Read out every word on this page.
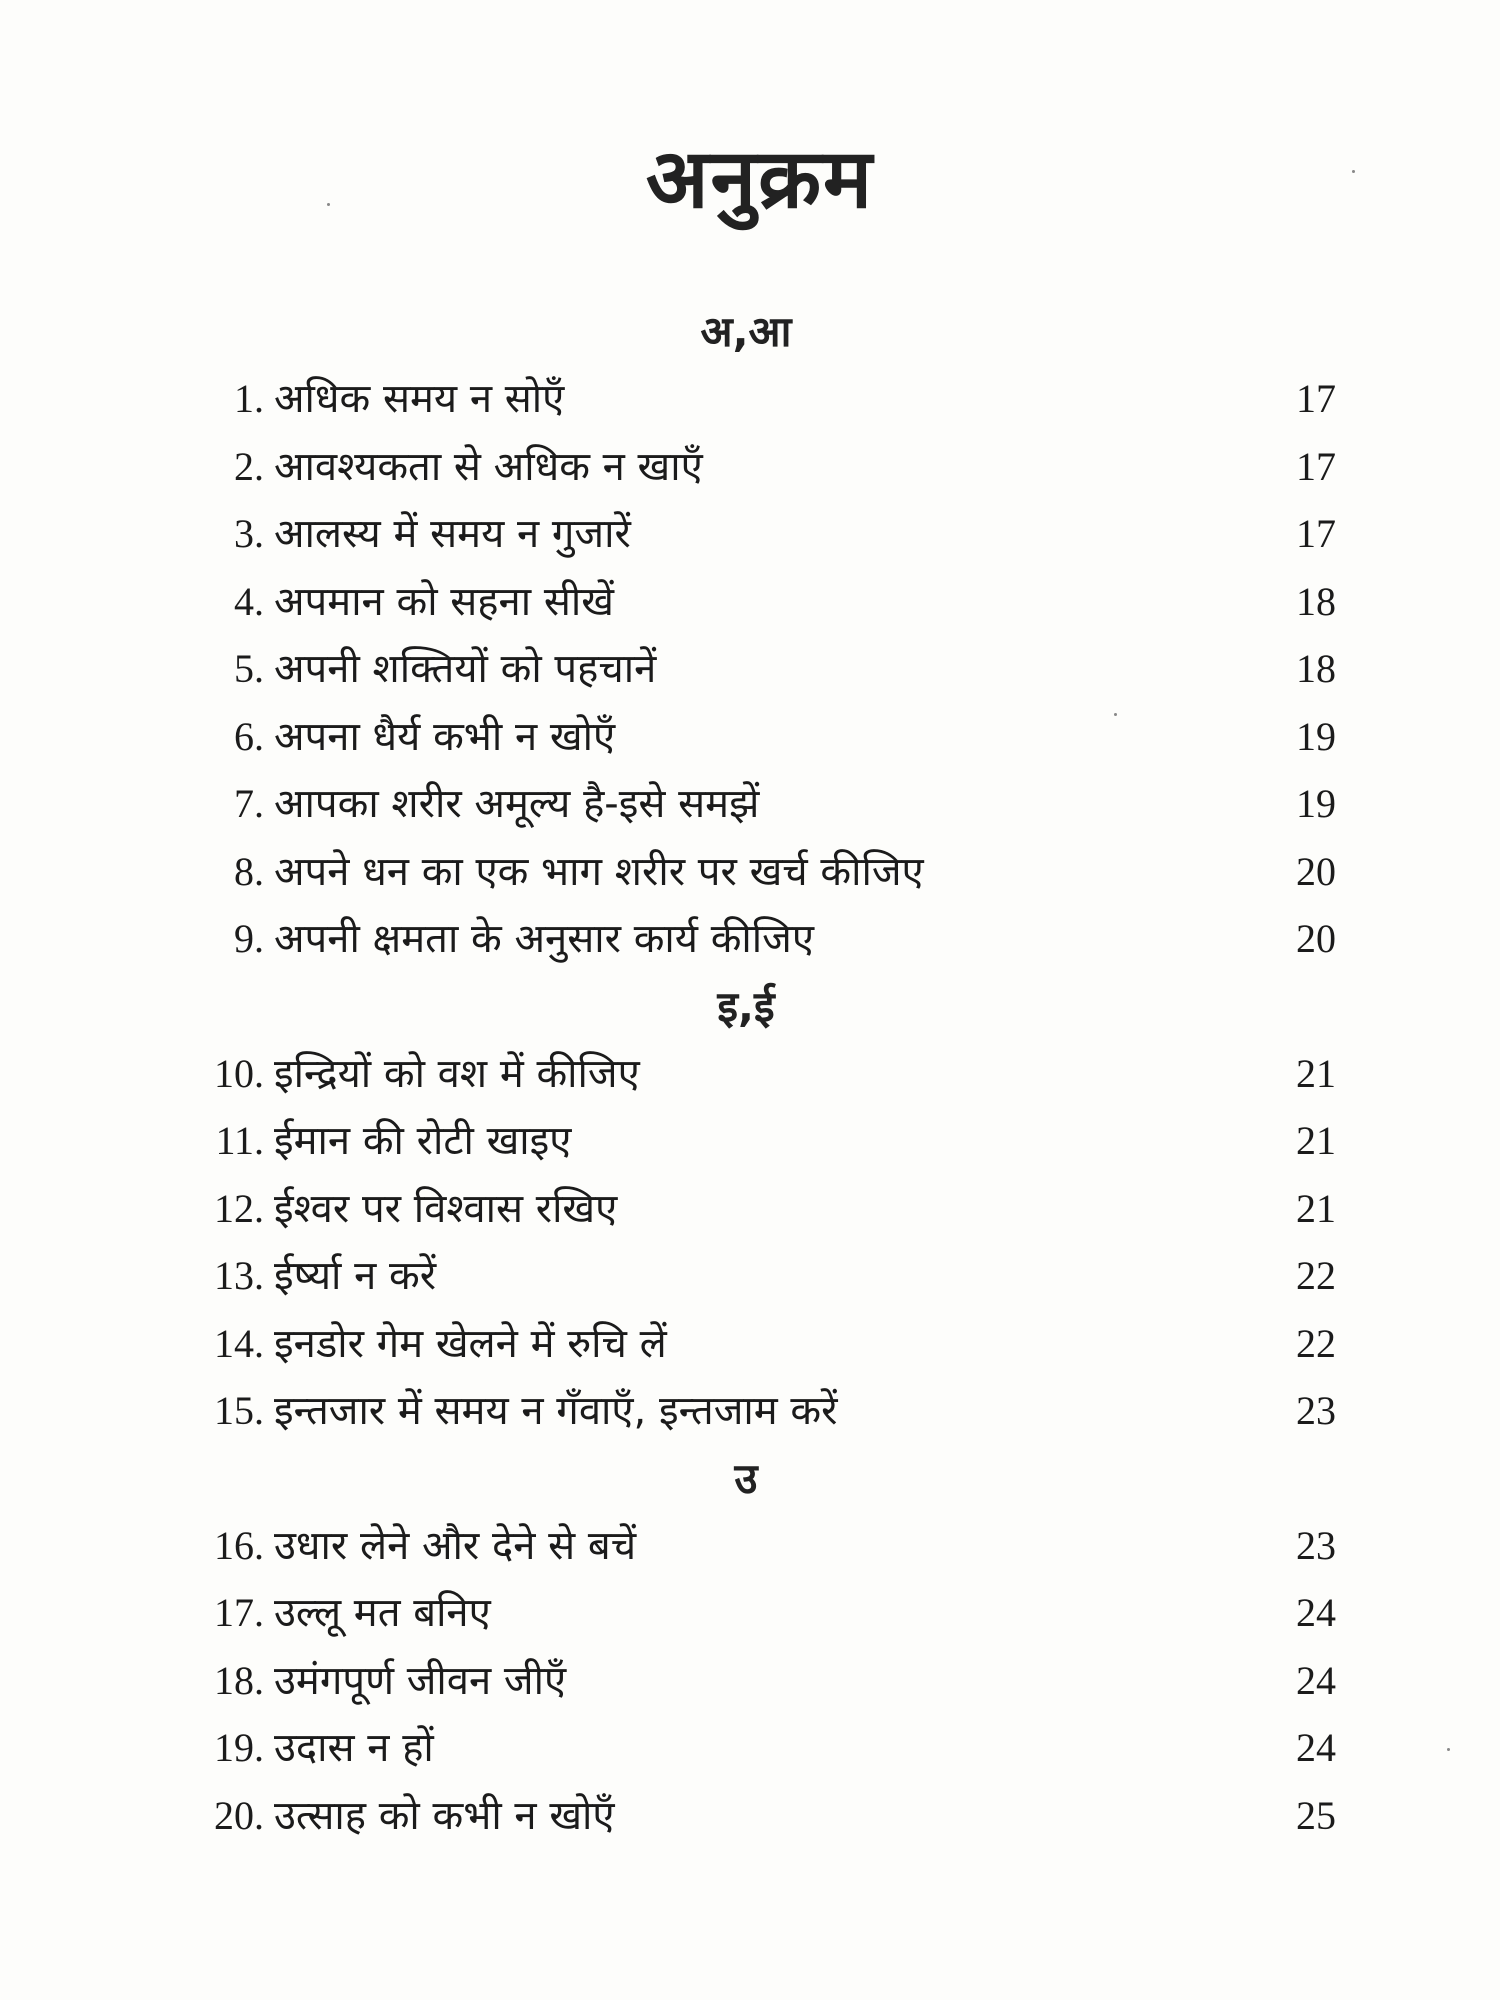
अनुक्रम
अ,आ
1. अधिक समय न सोएँ	17
2. आवश्यकता से अधिक न खाएँ	17
3. आलस्य में समय न गुजारें	17
4. अपमान को सहना सीखें	18
5. अपनी शक्तियों को पहचानें	18
6. अपना धैर्य कभी न खोएँ	19
7. आपका शरीर अमूल्य है-इसे समझें	19
8. अपने धन का एक भाग शरीर पर खर्च कीजिए	20
9. अपनी क्षमता के अनुसार कार्य कीजिए	20
इ,ई
10. इन्द्रियों को वश में कीजिए	21
11. ईमान की रोटी खाइए	21
12. ईश्वर पर विश्वास रखिए	21
13. ईर्ष्या न करें	22
14. इनडोर गेम खेलने में रुचि लें	22
15. इन्तजार में समय न गँवाएँ, इन्तजाम करें	23
उ
16. उधार लेने और देने से बचें	23
17. उल्लू मत बनिए	24
18. उमंगपूर्ण जीवन जीएँ	24
19. उदास न हों	24
20. उत्साह को कभी न खोएँ	25
